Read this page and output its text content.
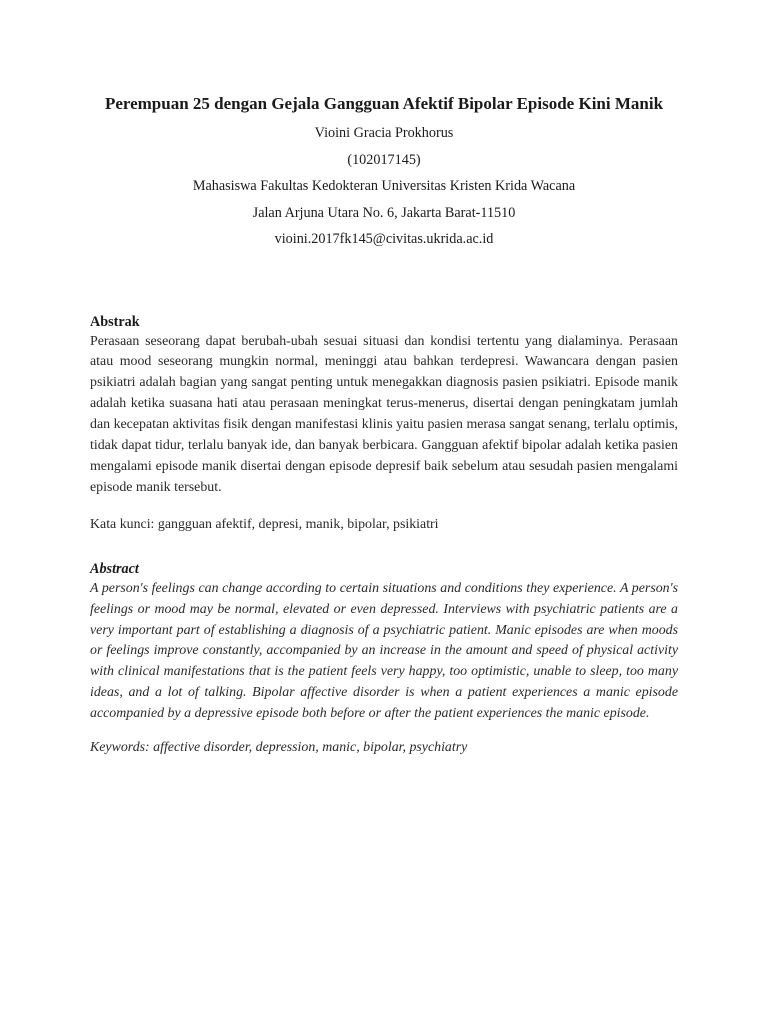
Perempuan 25 dengan Gejala Gangguan Afektif Bipolar Episode Kini Manik

Vioini Gracia Prokhorus

(102017145)

Mahasiswa Fakultas Kedokteran Universitas Kristen Krida Wacana

Jalan Arjuna Utara No. 6, Jakarta Barat-11510

vioini.2017fk145@civitas.ukrida.ac.id

Abstrak

Perasaan seseorang dapat berubah-ubah sesuai situasi dan kondisi tertentu yang dialaminya. Perasaan atau mood seseorang mungkin normal, meninggi atau bahkan terdepresi. Wawancara dengan pasien psikiatri adalah bagian yang sangat penting untuk menegakkan diagnosis pasien psikiatri. Episode manik adalah ketika suasana hati atau perasaan meningkat terus-menerus, disertai dengan peningkatam jumlah dan kecepatan aktivitas fisik dengan manifestasi klinis yaitu pasien merasa sangat senang, terlalu optimis, tidak dapat tidur, terlalu banyak ide, dan banyak berbicara. Gangguan afektif bipolar adalah ketika pasien mengalami episode manik disertai dengan episode depresif baik sebelum atau sesudah pasien mengalami episode manik tersebut.

Kata kunci: gangguan afektif, depresi, manik, bipolar, psikiatri

Abstract

A person's feelings can change according to certain situations and conditions they experience. A person's feelings or mood may be normal, elevated or even depressed. Interviews with psychiatric patients are a very important part of establishing a diagnosis of a psychiatric patient. Manic episodes are when moods or feelings improve constantly, accompanied by an increase in the amount and speed of physical activity with clinical manifestations that is the patient feels very happy, too optimistic, unable to sleep, too many ideas, and a lot of talking. Bipolar affective disorder is when a patient experiences a manic episode accompanied by a depressive episode both before or after the patient experiences the manic episode.

Keywords: affective disorder, depression, manic, bipolar, psychiatry
